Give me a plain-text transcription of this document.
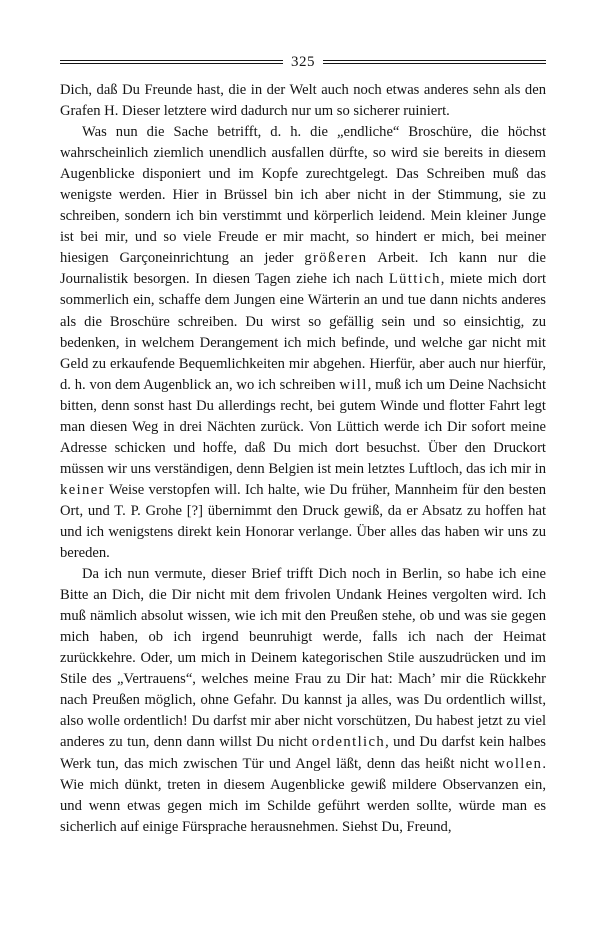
325

Dich, daß Du Freunde hast, die in der Welt auch noch etwas anderes sehn als den Grafen H. Dieser letztere wird dadurch nur um so sicherer ruiniert.

Was nun die Sache betrifft, d. h. die „endliche“ Broschüre, die höchst wahrscheinlich ziemlich unendlich ausfallen dürfte, so wird sie bereits in diesem Augenblicke disponiert und im Kopfe zurechtgelegt. Das Schreiben muß das wenigste werden. Hier in Brüssel bin ich aber nicht in der Stimmung, sie zu schreiben, sondern ich bin verstimmt und körperlich leidend. Mein kleiner Junge ist bei mir, und so viele Freude er mir macht, so hindert er mich, bei meiner hiesigen Garçoneinrichtung an jeder größeren Arbeit. Ich kann nur die Journalistik besorgen. In diesen Tagen ziehe ich nach Lüttich, miete mich dort sommerlich ein, schaffe dem Jungen eine Wärterin an und tue dann nichts anderes als die Broschüre schreiben. Du wirst so gefällig sein und so einsichtig, zu bedenken, in welchem Derangement ich mich befinde, und welche gar nicht mit Geld zu erkaufende Bequemlichkeiten mir abgehen. Hierfür, aber auch nur hierfür, d. h. von dem Augenblick an, wo ich schreiben will, muß ich um Deine Nachsicht bitten, denn sonst hast Du allerdings recht, bei gutem Winde und flotter Fahrt legt man diesen Weg in drei Nächten zurück. Von Lüttich werde ich Dir sofort meine Adresse schicken und hoffe, daß Du mich dort besuchst. Über den Druckort müssen wir uns verständigen, denn Belgien ist mein letztes Luftloch, das ich mir in keiner Weise verstopfen will. Ich halte, wie Du früher, Mannheim für den besten Ort, und T. P. Grohe [?] übernimmt den Druck gewiß, da er Absatz zu hoffen hat und ich wenigstens direkt kein Honorar verlange. Über alles das haben wir uns zu bereden.

Da ich nun vermute, dieser Brief trifft Dich noch in Berlin, so habe ich eine Bitte an Dich, die Dir nicht mit dem frivolen Undank Heines vergolten wird. Ich muß nämlich absolut wissen, wie ich mit den Preußen stehe, ob und was sie gegen mich haben, ob ich irgend beunruhigt werde, falls ich nach der Heimat zurückkehre. Oder, um mich in Deinem kategorischen Stile auszudrücken und im Stile des „Vertrauens“, welches meine Frau zu Dir hat: Mach’ mir die Rückkehr nach Preußen möglich, ohne Gefahr. Du kannst ja alles, was Du ordentlich willst, also wolle ordentlich! Du darfst mir aber nicht vorschützen, Du habest jetzt zu viel anderes zu tun, denn dann willst Du nicht ordentlich, und Du darfst kein halbes Werk tun, das mich zwischen Tür und Angel läßt, denn das heißt nicht wollen. Wie mich dünkt, treten in diesem Augenblicke gewiß mildere Observanzen ein, und wenn etwas gegen mich im Schilde geführt werden sollte, würde man es sicherlich auf einige Fürsprache herausnehmen. Siehst Du, Freund,
